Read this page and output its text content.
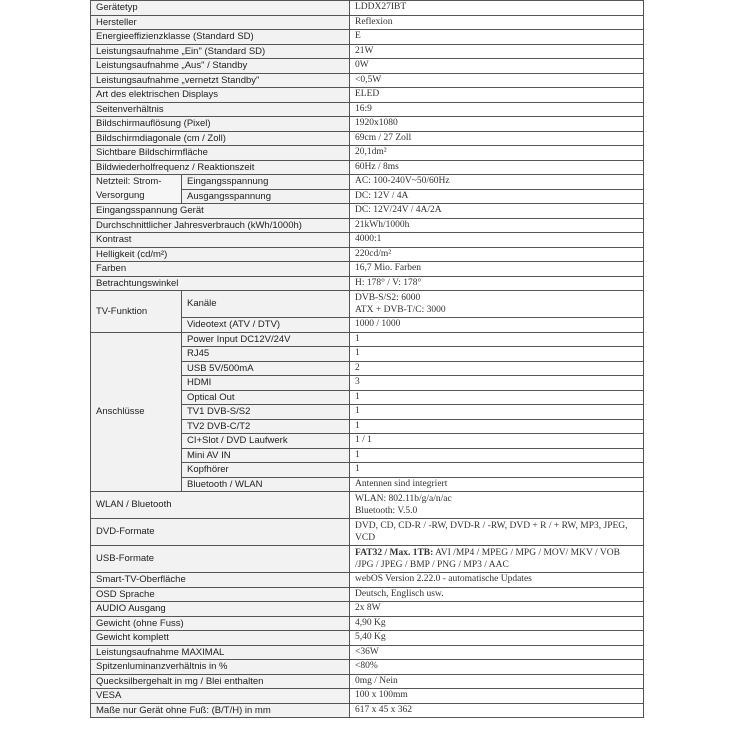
Gerätetyp		LDDX27IBT
Hersteller		Reflexion
Energieeffizienzklasse (Standard SD)		E
Leistungsaufnahme „Ein" (Standard SD)		21W
Leistungsaufnahme „Aus" / Standby		0W
Leistungsaufnahme „vernetzt Standby"		<0,5W
Art des elektrischen Displays		ELED
Seitenverhältnis		16:9
Bildschirmauflösung (Pixel)		1920x1080
Bildschirmdiagonale (cm / Zoll)		69cm / 27 Zoll
Sichtbare Bildschirmfläche		20,1dm²
Bildwiederholfrequenz / Reaktionszeit		60Hz / 8ms
Netzteil: Strom-Versorgung	Eingangsspannung	AC: 100-240V~50/60Hz
	Ausgangsspannung	DC: 12V / 4A
Eingangsspannung Gerät		DC: 12V/24V / 4A/2A
Durchschnittlicher Jahresverbrauch (kWh/1000h)		21kWh/1000h
Kontrast		4000:1
Helligkeit (cd/m²)		220cd/m²
Farben		16,7 Mio. Farben
Betrachtungswinkel		H: 178° / V: 178°
TV-Funktion	Kanäle	DVB-S/S2: 6000
ATX + DVB-T/C: 3000
	Videotext (ATV / DTV)	1000 / 1000
Anschlüsse	Power Input DC12V/24V	1
	RJ45	1
	USB 5V/500mA	2
	HDMI	3
	Optical Out	1
	TV1 DVB-S/S2	1
	TV2 DVB-C/T2	1
	CI+Slot / DVD Laufwerk	1 / 1
	Mini AV IN	1
	Kopfhörer	1
	Bluetooth / WLAN	Antennen sind integriert
WLAN / Bluetooth		WLAN: 802.11b/g/a/n/ac
Bluetooth: V.5.0
DVD-Formate		DVD, CD, CD-R / -RW, DVD-R / -RW, DVD + R / + RW, MP3, JPEG, VCD
USB-Formate		FAT32 / Max. 1TB: AVI /MP4 / MPEG / MPG / MOV/ MKV / VOB /JPG / JPEG / BMP / PNG / MP3 / AAC
Smart-TV-Oberfläche		webOS Version 2.22.0 - automatische Updates
OSD Sprache		Deutsch, Englisch usw.
AUDIO Ausgang		2x 8W
Gewicht (ohne Fuss)		4,90 Kg
Gewicht komplett		5,40 Kg
Leistungsaufnahme MAXIMAL		<36W
Spitzenluminanzverhältnis in %		<80%
Quecksilbergehalt in mg / Blei enthalten		0mg / Nein
VESA		100 x 100mm
Maße nur Gerät ohne Fuß: (B/T/H) in mm		617 x 45 x 362
